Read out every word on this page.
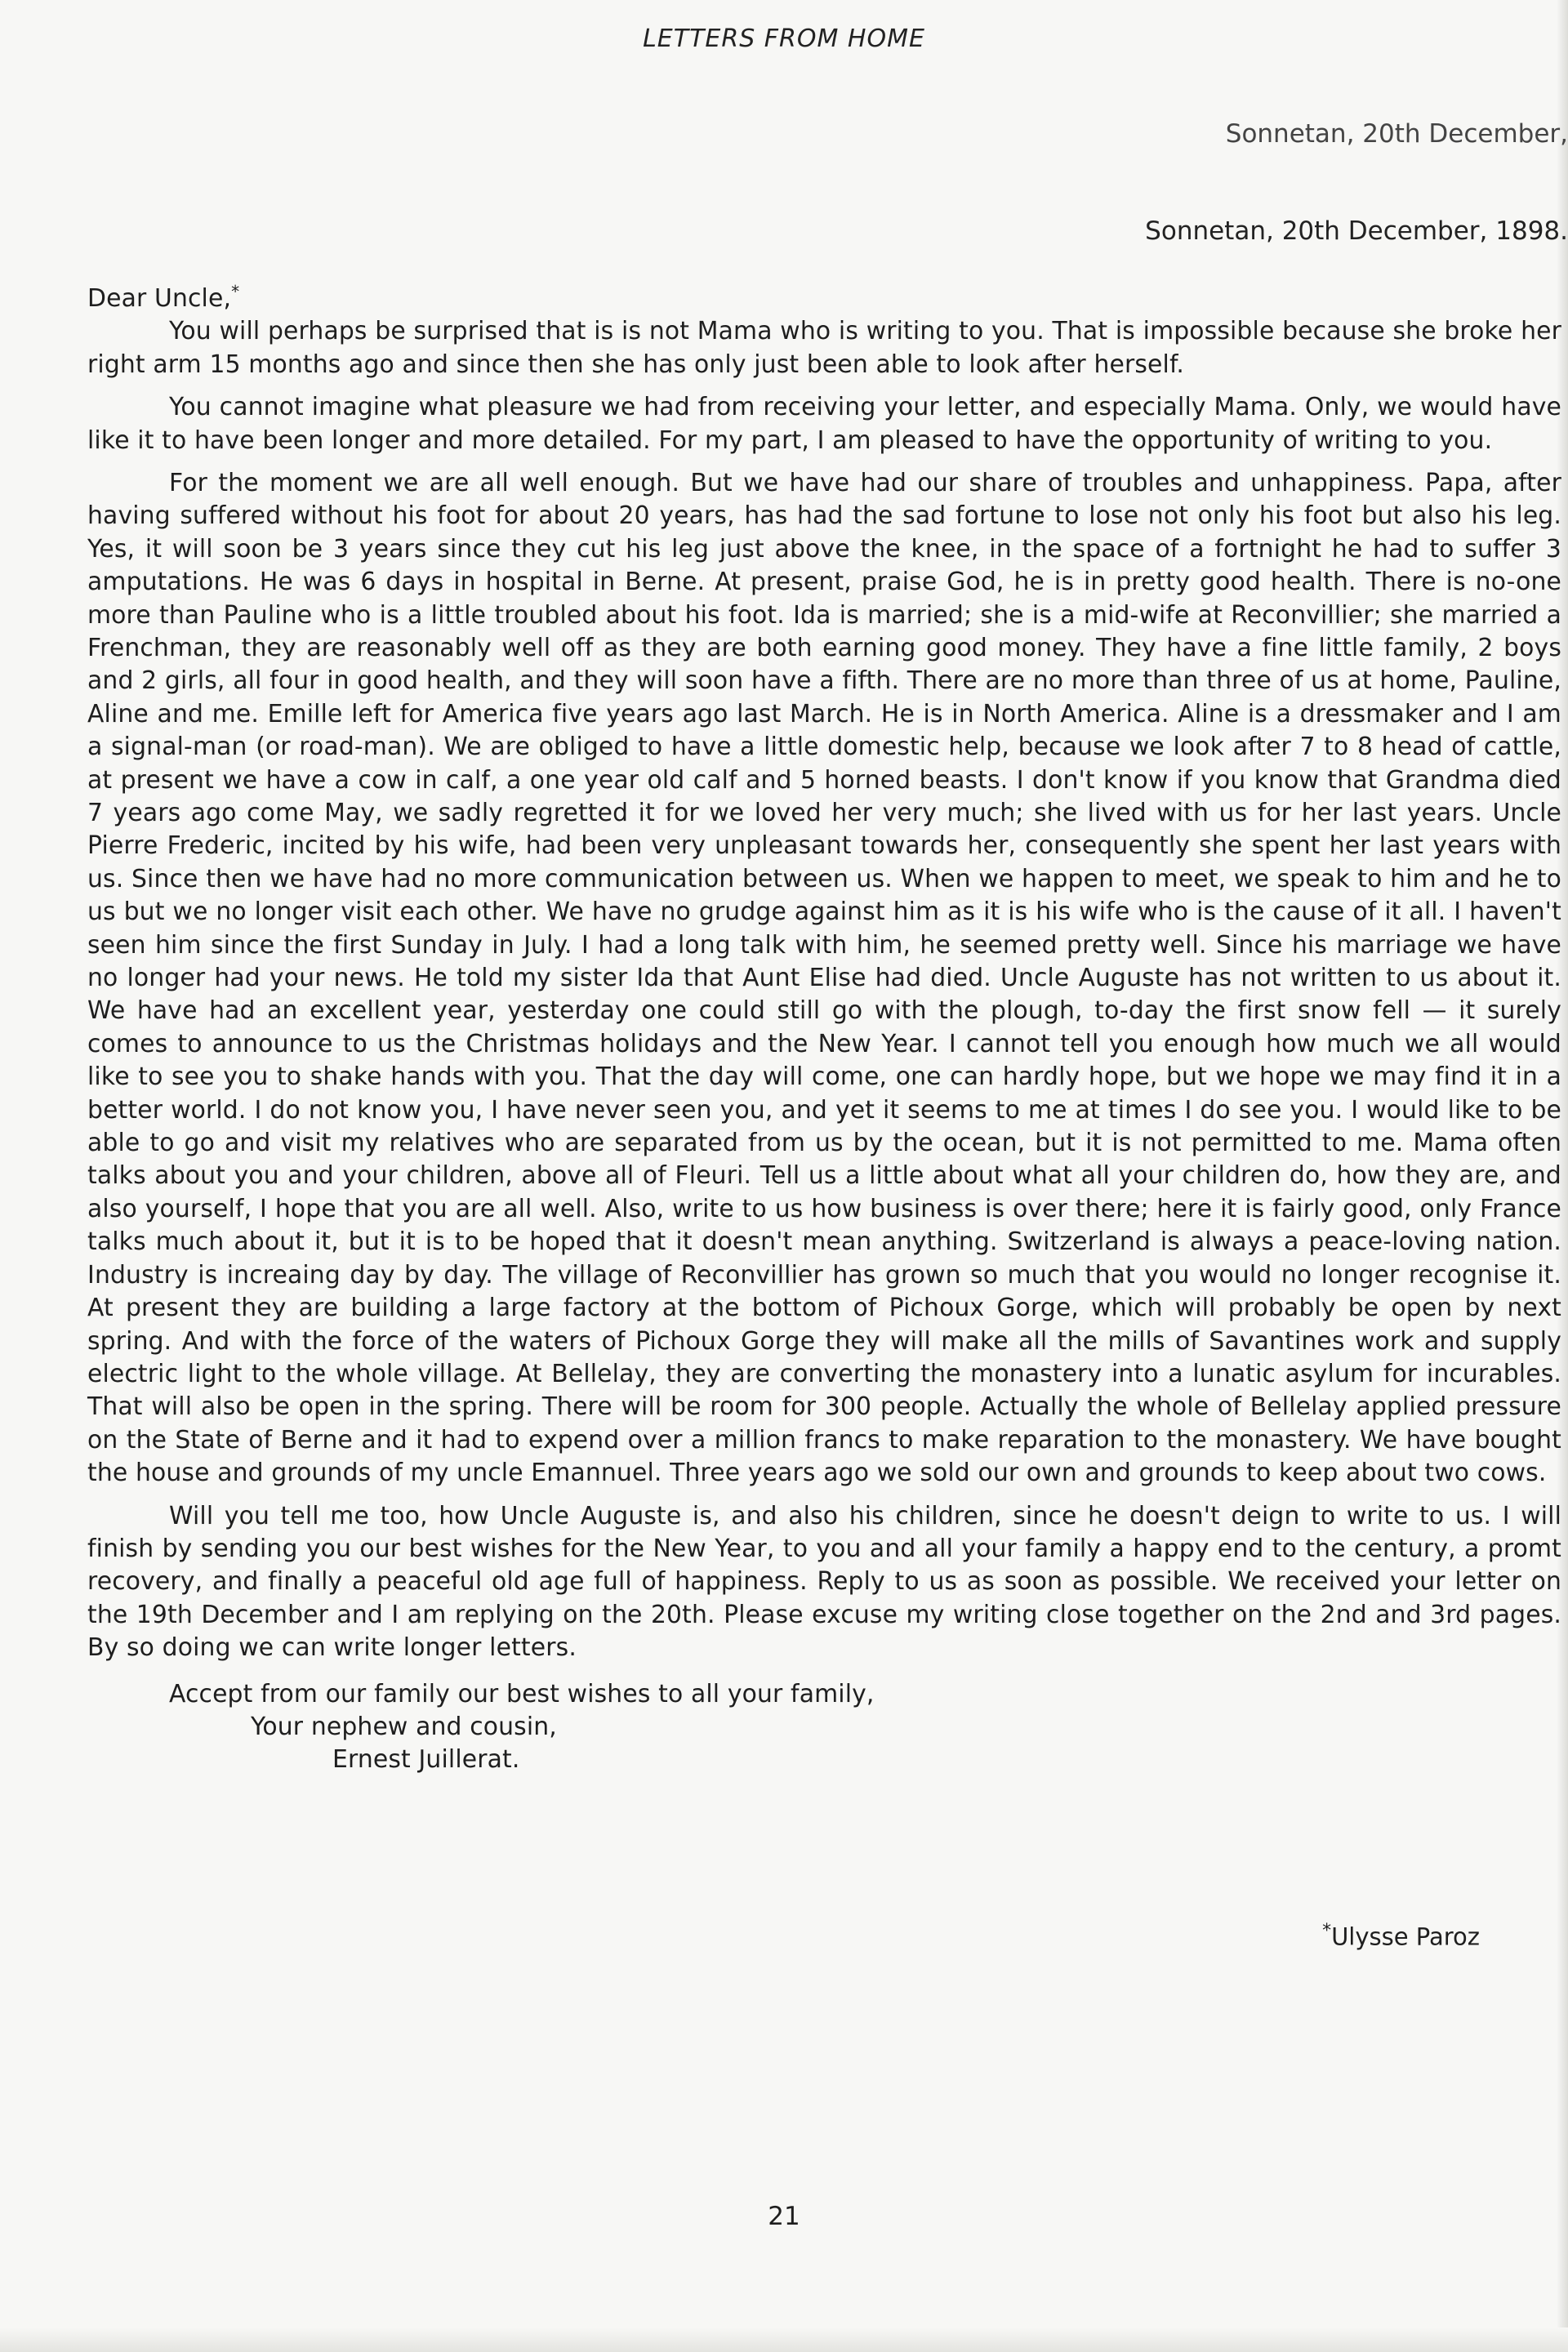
LETTERS FROM HOME
Sonnetan, 20th December,
Sonnetan, 20th December, 1898.

Dear Uncle,*

You will perhaps be surprised that is is not Mama who is writing to you. That is impossible because she broke her right arm 15 months ago and since then she has only just been able to look after herself.

You cannot imagine what pleasure we had from receiving your letter, and especially Mama. Only, we would have like it to have been longer and more detailed. For my part, I am pleased to have the opportunity of writing to you.

For the moment we are all well enough. But we have had our share of troubles and unhappiness. Papa, after having suffered without his foot for about 20 years, has had the sad fortune to lose not only his foot but also his leg. Yes, it will soon be 3 years since they cut his leg just above the knee, in the space of a fortnight he had to suffer 3 amputations. He was 6 days in hospital in Berne. At present, praise God, he is in pretty good health. There is no-one more than Pauline who is a little troubled about his foot. Ida is married; she is a mid-wife at Reconvillier; she married a Frenchman, they are reasonably well off as they are both earning good money. They have a fine little family, 2 boys and 2 girls, all four in good health, and they will soon have a fifth. There are no more than three of us at home, Pauline, Aline and me. Emille left for America five years ago last March. He is in North America. Aline is a dressmaker and I am a signal-man (or road-man). We are obliged to have a little domestic help, because we look after 7 to 8 head of cattle, at present we have a cow in calf, a one year old calf and 5 horned beasts. I don't know if you know that Grandma died 7 years ago come May, we sadly regretted it for we loved her very much; she lived with us for her last years. Uncle Pierre Frederic, incited by his wife, had been very unpleasant towards her, consequently she spent her last years with us. Since then we have had no more communication between us. When we happen to meet, we speak to him and he to us but we no longer visit each other. We have no grudge against him as it is his wife who is the cause of it all. I haven't seen him since the first Sunday in July. I had a long talk with him, he seemed pretty well. Since his marriage we have no longer had your news. He told my sister Ida that Aunt Elise had died. Uncle Auguste has not written to us about it. We have had an excellent year, yesterday one could still go with the plough, to-day the first snow fell — it surely comes to announce to us the Christmas holidays and the New Year. I cannot tell you enough how much we all would like to see you to shake hands with you. That the day will come, one can hardly hope, but we hope we may find it in a better world. I do not know you, I have never seen you, and yet it seems to me at times I do see you. I would like to be able to go and visit my relatives who are separated from us by the ocean, but it is not permitted to me. Mama often talks about you and your children, above all of Fleuri. Tell us a little about what all your children do, how they are, and also yourself, I hope that you are all well. Also, write to us how business is over there; here it is fairly good, only France talks much about it, but it is to be hoped that it doesn't mean anything. Switzerland is always a peace-loving nation. Industry is increaing day by day. The village of Reconvillier has grown so much that you would no longer recognise it. At present they are building a large factory at the bottom of Pichoux Gorge, which will probably be open by next spring. And with the force of the waters of Pichoux Gorge they will make all the mills of Savantines work and supply electric light to the whole village. At Bellelay, they are converting the monastery into a lunatic asylum for incurables. That will also be open in the spring. There will be room for 300 people. Actually the whole of Bellelay applied pressure on the State of Berne and it had to expend over a million francs to make reparation to the monastery. We have bought the house and grounds of my uncle Emannuel. Three years ago we sold our own and grounds to keep about two cows.

Will you tell me too, how Uncle Auguste is, and also his children, since he doesn't deign to write to us. I will finish by sending you our best wishes for the New Year, to you and all your family a happy end to the century, a promt recovery, and finally a peaceful old age full of happiness. Reply to us as soon as possible. We received your letter on the 19th December and I am replying on the 20th. Please excuse my writing close together on the 2nd and 3rd pages. By so doing we can write longer letters.

Accept from our family our best wishes to all your family,
Your nephew and cousin,
Ernest Juillerat.
*Ulysse Paroz
21
